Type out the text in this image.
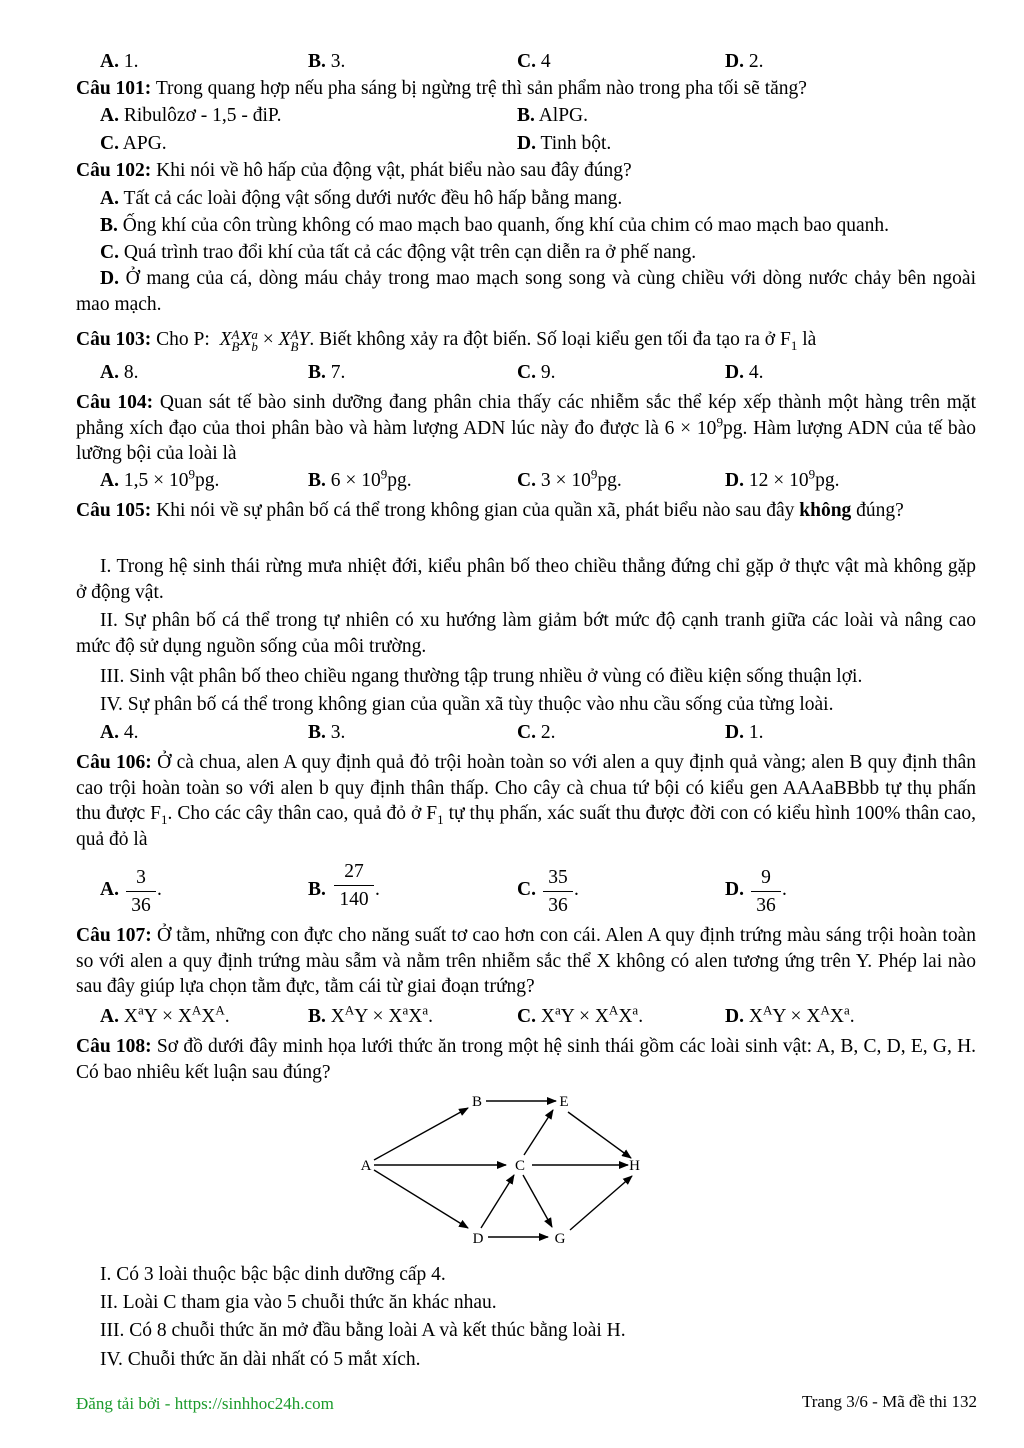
A. 1.	B. 3.	C. 4	D. 2.
Câu 101: Trong quang hợp nếu pha sáng bị ngừng trệ thì sản phẩm nào trong pha tối sẽ tăng?
A. Ribulôzơ - 1,5 - điP.	B. AlPG.
C. APG.	D. Tinh bột.
Câu 102: Khi nói về hô hấp của động vật, phát biểu nào sau đây đúng?
A. Tất cả các loài động vật sống dưới nước đều hô hấp bằng mang.
B. Ống khí của côn trùng không có mao mạch bao quanh, ống khí của chim có mao mạch bao quanh.
C. Quá trình trao đổi khí của tất cả các động vật trên cạn diễn ra ở phế nang.
D. Ở mang của cá, dòng máu chảy trong mao mạch song song và cùng chiều với dòng nước chảy bên ngoài mao mạch.
Câu 103: Cho P:  X A
B X a
b × X A
B Y. Biết không xảy ra đột biến. Số loại kiểu gen tối đa tạo ra ở $F_1$ là
A. 8.	B. 7.	C. 9.	D. 4.
Câu 104: Quan sát tế bào sinh dưỡng đang phân chia thấy các nhiễm sắc thể kép xếp thành một hàng trên mặt phẳng xích đạo của thoi phân bào và hàm lượng ADN lúc này đo được là $6 \times 10^9pg$. Hàm lượng ADN của tế bào lưỡng bội của loài là
A. $1,5 \times 10^9pg$.	B. $6 \times 10^9pg$.	C. $3 \times 10^9pg$.	D. $12 \times 10^9pg$.
Câu 105: Khi nói về sự phân bố cá thể trong không gian của quần xã, phát biểu nào sau đây không đúng?
I. Trong hệ sinh thái rừng mưa nhiệt đới, kiểu phân bố theo chiều thẳng đứng chỉ gặp ở thực vật mà không gặp ở động vật.
II. Sự phân bố cá thể trong tự nhiên có xu hướng làm giảm bớt mức độ cạnh tranh giữa các loài và nâng cao mức độ sử dụng nguồn sống của môi trường.
III. Sinh vật phân bố theo chiều ngang thường tập trung nhiều ở vùng có điều kiện sống thuận lợi.
IV. Sự phân bố cá thể trong không gian của quần xã tùy thuộc vào nhu cầu sống của từng loài.
A. 4.	B. 3.	C. 2.	D. 1.
Câu 106: Ở cà chua, alen A quy định quả đỏ trội hoàn toàn so với alen a quy định quả vàng; alen B quy định thân cao trội hoàn toàn so với alen b quy định thân thấp. Cho cây cà chua tứ bội có kiểu gen AAAaBBbb tự thụ phấn thu được $F_1$. Cho các cây thân cao, quả đỏ ở $F_1$ tự thụ phấn, xác suất thu được đời con có kiểu hình 100% thân cao, quả đỏ là
A. $\frac{3}{36}$ .	B. $\frac{27}{140}$ .	C. $\frac{35}{36}$ .	D. $\frac{9}{36}$ .
Câu 107: Ở tằm, những con đực cho năng suất tơ cao hơn con cái. Alen A quy định trứng màu sáng trội hoàn toàn so với alen a quy định trứng màu sẫm và nằm trên nhiễm sắc thể X không có alen tương ứng trên Y. Phép lai nào sau đây giúp lựa chọn tằm đực, tằm cái từ giai đoạn trứng?
A. $X^aY \times X^AX^A$.	B. $X^AY \times X^aX^a$.	C. $X^aY \times X^AX^a$.	D. $X^AY \times X^AX^a$.
Câu 108: Sơ đồ dưới đây minh họa lưới thức ăn trong một hệ sinh thái gồm các loài sinh vật: A, B, C, D, E, G, H. Có bao nhiêu kết luận sau đúng?
A
B
C
D
E
G
H
I. Có 3 loài thuộc bậc bậc dinh dưỡng cấp 4.
II. Loài C tham gia vào 5 chuỗi thức ăn khác nhau.
III. Có 8 chuỗi thức ăn mở đầu bằng loài A và kết thúc bằng loài H.
IV. Chuỗi thức ăn dài nhất có 5 mắt xích.
Đăng tải bởi - https://sinhhoc24h.com	Trang 3/6 - Mã đề thi 132
